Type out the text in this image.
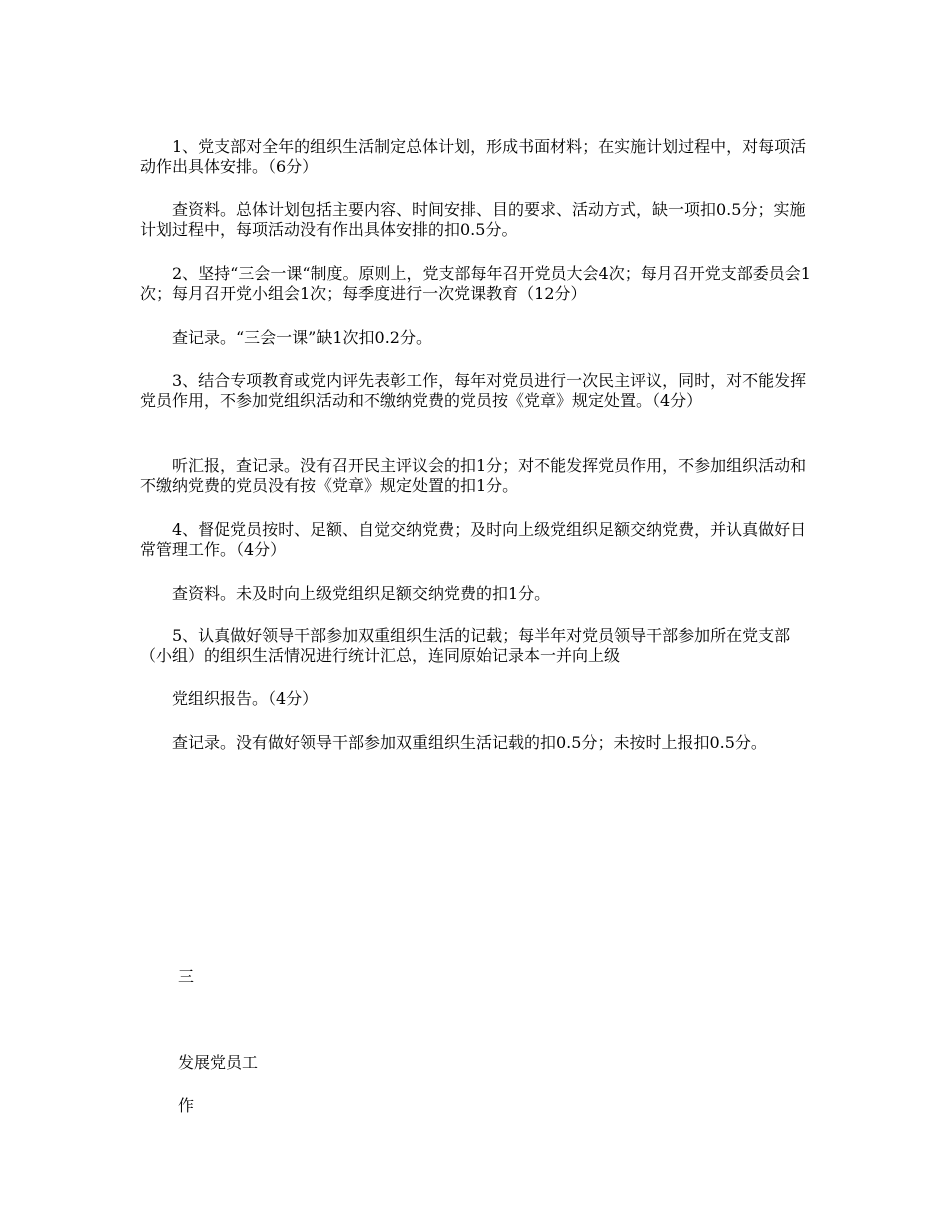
　　1、党支部对全年的组织生活制定总体计划，形成书面材料；在实施计划过程中，对每项活动作出具体安排。（6分）

　　查资料。总体计划包括主要内容、时间安排、目的要求、活动方式，缺一项扣0.5分；实施计划过程中，每项活动没有作出具体安排的扣0.5分。

　　2、坚持“三会一课“制度。原则上，党支部每年召开党员大会4次；每月召开党支部委员会1次；每月召开党小组会1次；每季度进行一次党课教育（12分）

　　查记录。“三会一课”缺1次扣0.2分。

　　3、结合专项教育或党内评先表彰工作，每年对党员进行一次民主评议，同时，对不能发挥党员作用，不参加党组织活动和不缴纳党费的党员按《党章》规定处置。（4分）

　　听汇报，查记录。没有召开民主评议会的扣1分；对不能发挥党员作用，不参加组织活动和不缴纳党费的党员没有按《党章》规定处置的扣1分。

　　4、督促党员按时、足额、自觉交纳党费；及时向上级党组织足额交纳党费，并认真做好日常管理工作。（4分）

　　查资料。未及时向上级党组织足额交纳党费的扣1分。

　　5、认真做好领导干部参加双重组织生活的记载；每半年对党员领导干部参加所在党支部（小组）的组织生活情况进行统计汇总，连同原始记录本一并向上级

　　党组织报告。（4分）

　　查记录。没有做好领导干部参加双重组织生活记载的扣0.5分；未按时上报扣0.5分。

三

发展党员工

作
